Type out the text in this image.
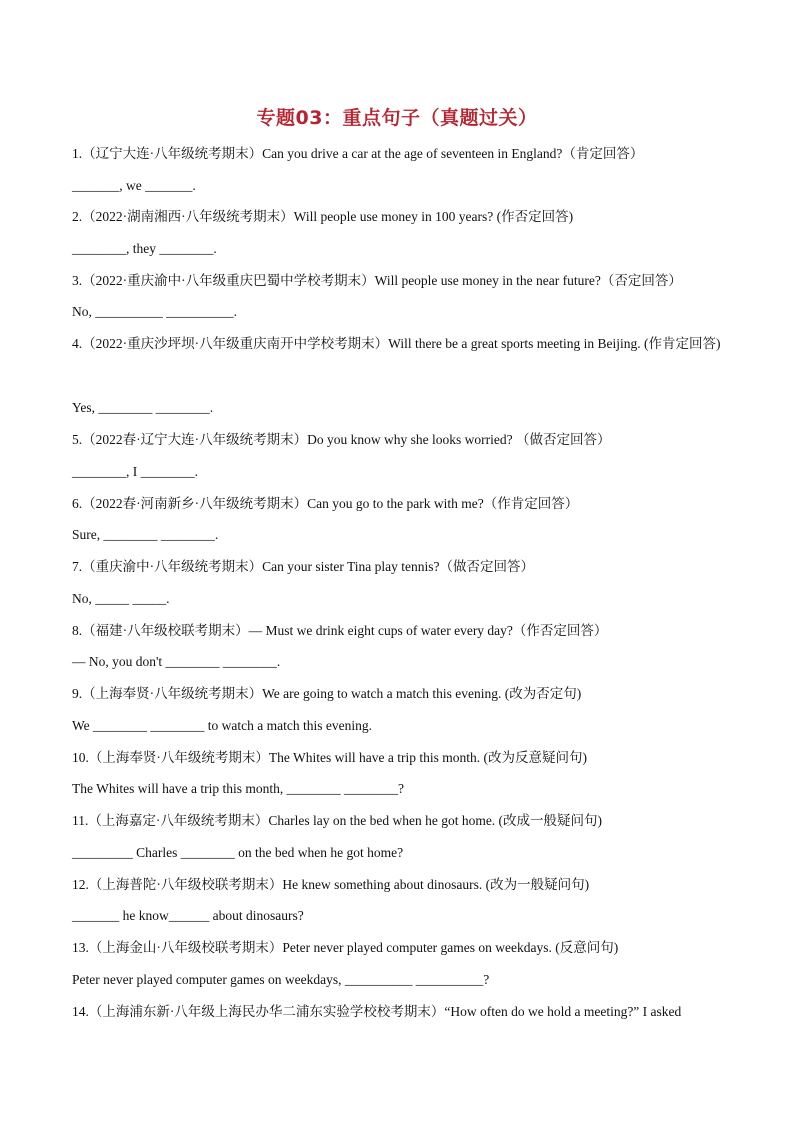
专题03：重点句子（真题过关）
1.（辽宁大连·八年级统考期末）Can you drive a car at the age of seventeen in England?（肯定回答）
_______, we _______.
2.（2022·湖南湘西·八年级统考期末）Will people use money in 100 years? (作否定回答)
________, they ________.
3.（2022·重庆渝中·八年级重庆巴蜀中学校考期末）Will people use money in the near future?（否定回答）
No, __________ __________.
4.（2022·重庆沙坪坝·八年级重庆南开中学校考期末）Will there be a great sports meeting in Beijing. (作肯定回答)
Yes, ________ ________.
5.（2022春·辽宁大连·八年级统考期末）Do you know why she looks worried? （做否定回答）
________, I ________.
6.（2022春·河南新乡·八年级统考期末）Can you go to the park with me?（作肯定回答）
Sure, ________ ________.
7.（重庆渝中·八年级统考期末）Can your sister Tina play tennis?（做否定回答）
No, _____ _____.
8.（福建·八年级校联考期末）— Must we drink eight cups of water every day?（作否定回答）
— No, you don't ________ ________.
9.（上海奉贤·八年级统考期末）We are going to watch a match this evening. (改为否定句)
We ________ ________ to watch a match this evening.
10.（上海奉贤·八年级统考期末）The Whites will have a trip this month. (改为反意疑问句)
The Whites will have a trip this month, ________ ________?
11.（上海嘉定·八年级统考期末）Charles lay on the bed when he got home. (改成一般疑问句)
_________ Charles ________ on the bed when he got home?
12.（上海普陀·八年级校联考期末）He knew something about dinosaurs. (改为一般疑问句)
_______ he know______ about dinosaurs?
13.（上海金山·八年级校联考期末）Peter never played computer games on weekdays. (反意问句)
Peter never played computer games on weekdays, __________ __________?
14.（上海浦东新·八年级上海民办华二浦东实验学校校考期末）“How often do we hold a meeting?” I asked
